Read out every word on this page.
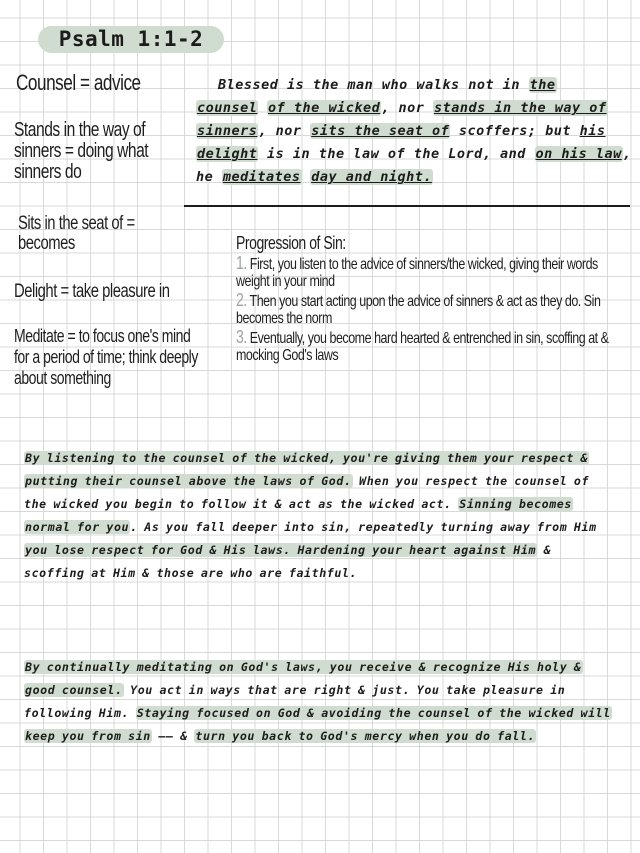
Psalm 1:1-2
Counsel = advice
Stands in the way of sinners = doing what sinners do
Sits in the seat of = becomes
Delight = take pleasure in
Meditate = to focus one's mind for a period of time; think deeply about something
Blessed is the man who walks not in the
counsel of the wicked, nor stands in the way of sinners, nor sits the seat of scoffers; but his delight is in the law of the Lord, and on his law, he meditates day and night.
Progression of Sin:
1. First, you listen to the advice of sinners/the wicked, giving their words weight in your mind
2. Then you start acting upon the advice of sinners & act as they do. Sin becomes the norm
3. Eventually, you become hard hearted & entrenched in sin, scoffing at & mocking God's laws
By listening to the counsel of the wicked, you're giving them your respect & putting their counsel above the laws of God. When you respect the counsel of the wicked you begin to follow it & act as the wicked act. Sinning becomes normal for you. As you fall deeper into sin, repeatedly turning away from Him you lose respect for God & His laws. Hardening your heart against Him & scoffing at Him & those are who are faithful.
By continually meditating on God's laws, you receive & recognize His holy & good counsel. You act in ways that are right & just. You take pleasure in following Him. Staying focused on God & avoiding the counsel of the wicked will keep you from sin —— & turn you back to God's mercy when you do fall.
